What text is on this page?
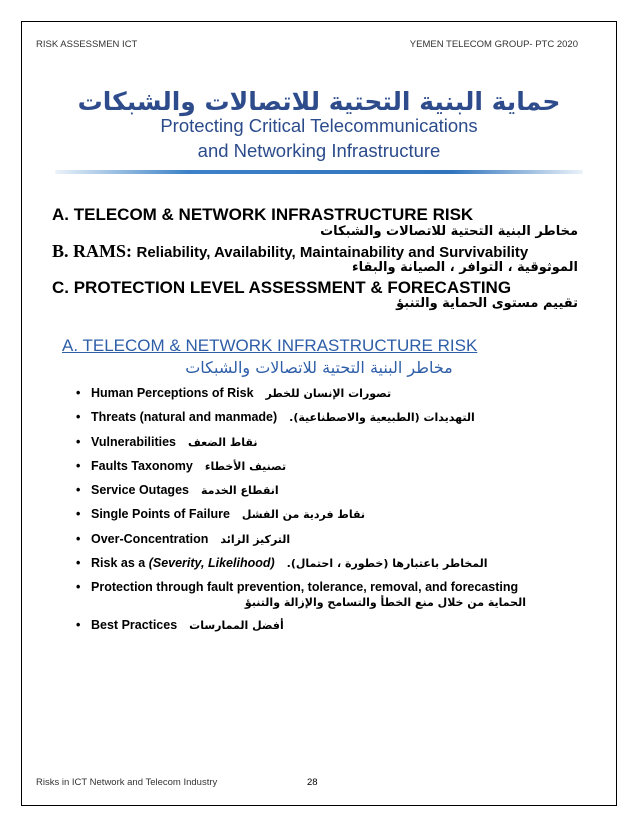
RISK ASSESSMEN ICT	YEMEN TELECOM GROUP- PTC 2020
حماية البنية التحتية للاتصالات والشبكات
Protecting Critical Telecommunications
and Networking Infrastructure
A. TELECOM & NETWORK INFRASTRUCTURE RISK
مخاطر البنية التحتية للاتصالات والشبكات
B. RAMS: Reliability, Availability, Maintainability and Survivability
الموثوقية ، التوافر ، الصيانة والبقاء
C. PROTECTION LEVEL ASSESSMENT & FORECASTING
تقييم مستوى الحماية والتنبؤ
A. TELECOM & NETWORK INFRASTRUCTURE RISK
مخاطر البنية التحتية للاتصالات والشبكات
• Human Perceptions of Risk تصورات الإنسان للخطر
• Threats (natural and manmade) .(الطبيعية والاصطناعية) التهديدات
• Vulnerabilities نقاط الضعف
• Faults Taxonomy تصنيف الأخطاء
• Service Outages انقطاع الخدمة
• Single Points of Failure نقاط فردية من الفشل
• Over-Concentration التركيز الزائد
• Risk as a (Severity, Likelihood) .(خطورة ، احتمال) المخاطر باعتبارها
• Protection through fault prevention, tolerance, removal, and forecasting
الحماية من خلال منع الخطأ والتسامح والإزالة والتنبؤ
• Best Practices أفضل الممارسات
Risks in ICT Network and Telecom Industry	28
